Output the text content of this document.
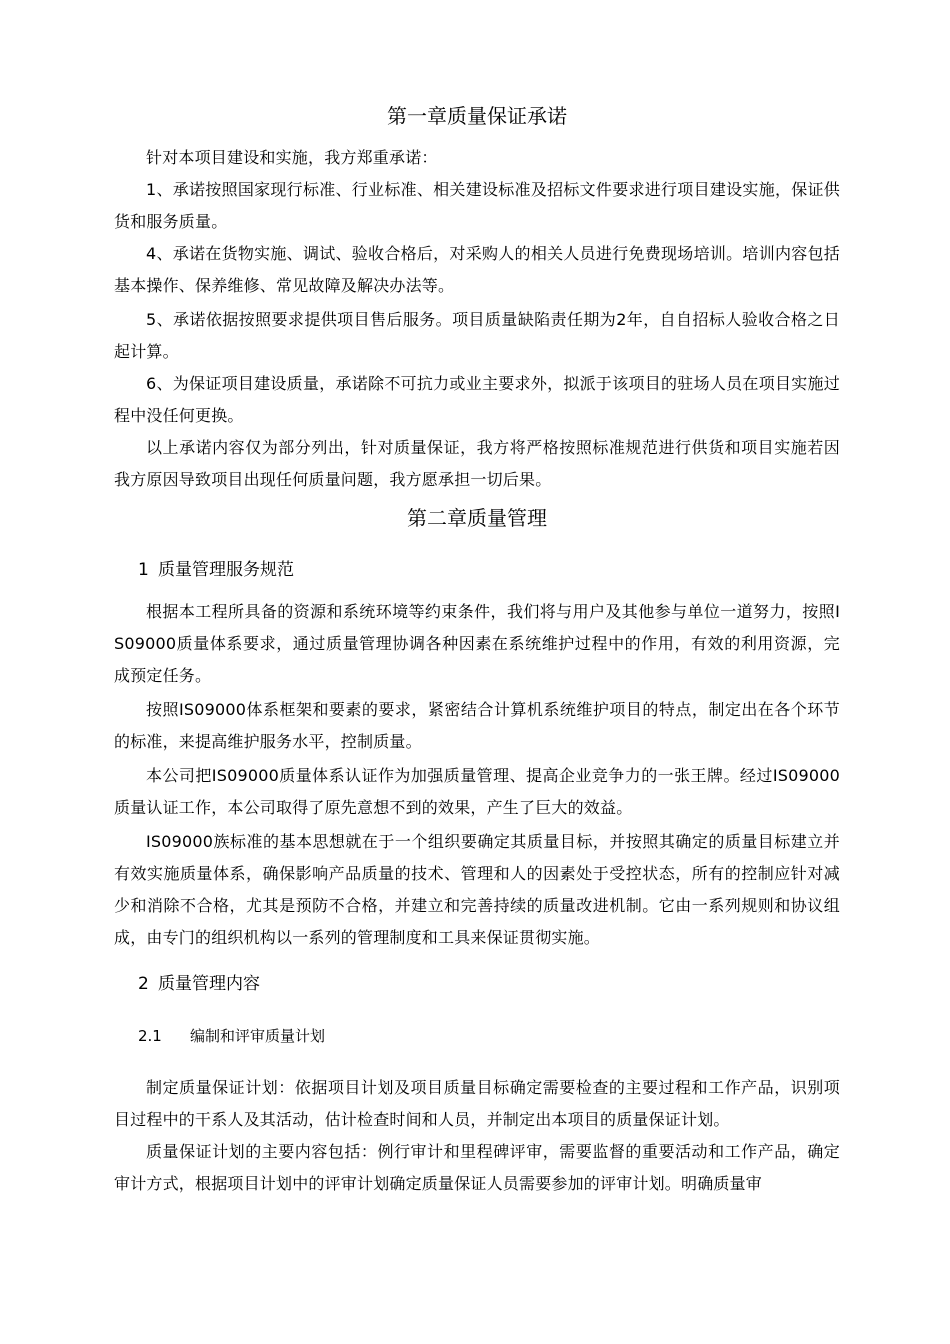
第一章质量保证承诺

针对本项目建设和实施，我方郑重承诺：

1、承诺按照国家现行标准、行业标准、相关建设标准及招标文件要求进行项目建设实施，保证供货和服务质量。

4、承诺在货物实施、调试、验收合格后，对采购人的相关人员进行免费现场培训。培训内容包括基本操作、保养维修、常见故障及解决办法等。

5、承诺依据按照要求提供项目售后服务。项目质量缺陷责任期为2年，自自招标人验收合格之日起计算。

6、为保证项目建设质量，承诺除不可抗力或业主要求外，拟派于该项目的驻场人员在项目实施过程中没任何更换。

以上承诺内容仅为部分列出，针对质量保证，我方将严格按照标准规范进行供货和项目实施若因我方原因导致项目出现任何质量问题，我方愿承担一切后果。

第二章质量管理
1 质量管理服务规范

根据本工程所具备的资源和系统环境等约束条件，我们将与用户及其他参与单位一道努力，按照IS09000质量体系要求，通过质量管理协调各种因素在系统维护过程中的作用，有效的利用资源，完成预定任务。

按照IS09000体系框架和要素的要求，紧密结合计算机系统维护项目的特点，制定出在各个环节的标准，来提高维护服务水平，控制质量。

本公司把IS09000质量体系认证作为加强质量管理、提高企业竞争力的一张王牌。经过IS09000质量认证工作，本公司取得了原先意想不到的效果，产生了巨大的效益。

IS09000族标准的基本思想就在于一个组织要确定其质量目标，并按照其确定的质量目标建立并有效实施质量体系，确保影响产品质量的技术、管理和人的因素处于受控状态，所有的控制应针对减少和消除不合格，尤其是预防不合格，并建立和完善持续的质量改进机制。它由一系列规则和协议组成，由专门的组织机构以一系列的管理制度和工具来保证贯彻实施。

2 质量管理内容
2.1 编制和评审质量计划

制定质量保证计划：依据项目计划及项目质量目标确定需要检查的主要过程和工作产品，识别项目过程中的干系人及其活动，估计检查时间和人员，并制定出本项目的质量保证计划。

质量保证计划的主要内容包括：例行审计和里程碑评审，需要监督的重要活动和工作产品，确定审计方式，根据项目计划中的评审计划确定质量保证人员需要参加的评审计划。明确质量审
